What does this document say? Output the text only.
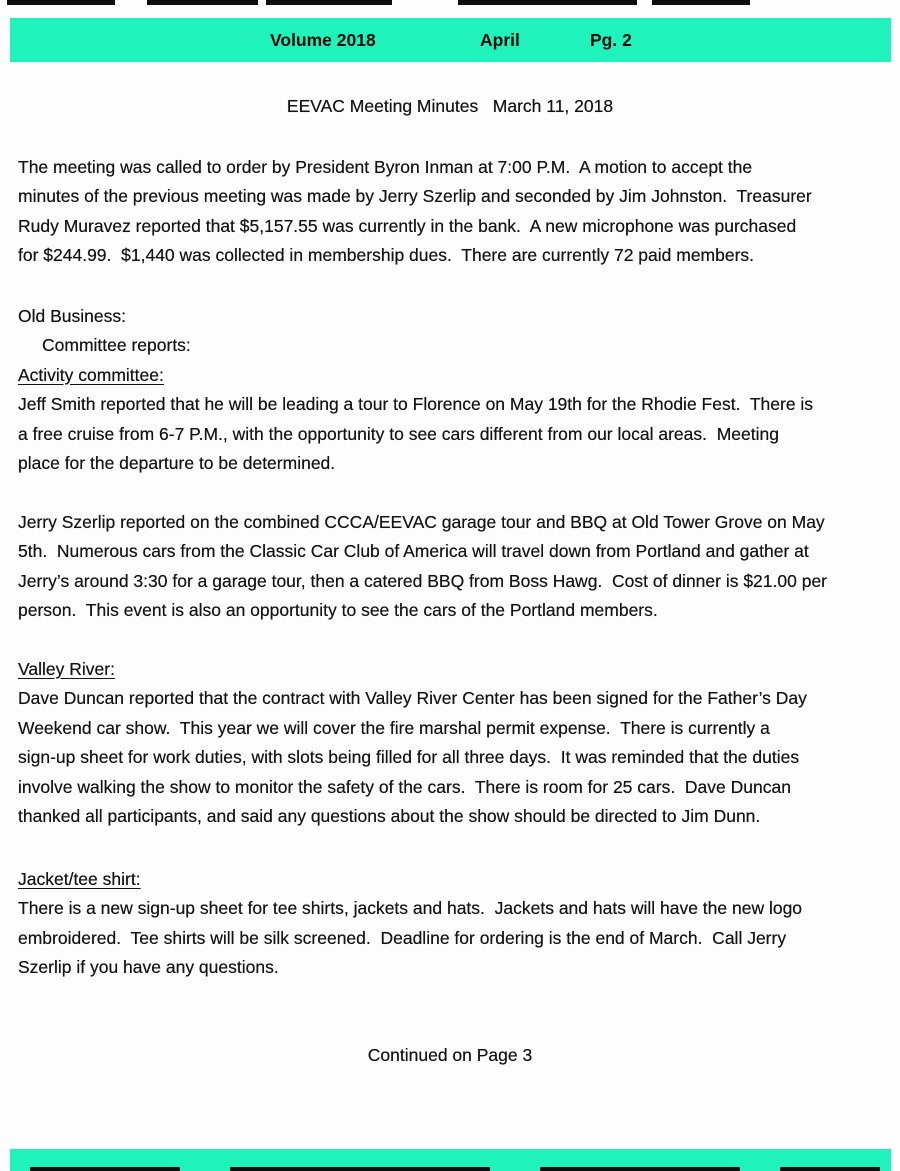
Volume 2018	April	Pg. 2
EEVAC Meeting Minutes   March 11, 2018
The meeting was called to order by President Byron Inman at 7:00 P.M.  A motion to accept the
minutes of the previous meeting was made by Jerry Szerlip and seconded by Jim Johnston.  Treasurer
Rudy Muravez reported that $5,157.55 was currently in the bank.  A new microphone was purchased
for $244.99.  $1,440 was collected in membership dues.  There are currently 72 paid members.
Old Business:
Committee reports:
Activity committee:
Jeff Smith reported that he will be leading a tour to Florence on May 19th for the Rhodie Fest.  There is
a free cruise from 6-7 P.M., with the opportunity to see cars different from our local areas.  Meeting
place for the departure to be determined.
Jerry Szerlip reported on the combined CCCA/EEVAC garage tour and BBQ at Old Tower Grove on May
5th.  Numerous cars from the Classic Car Club of America will travel down from Portland and gather at
Jerry’s around 3:30 for a garage tour, then a catered BBQ from Boss Hawg.  Cost of dinner is $21.00 per
person.  This event is also an opportunity to see the cars of the Portland members.
Valley River:
Dave Duncan reported that the contract with Valley River Center has been signed for the Father’s Day
Weekend car show.  This year we will cover the fire marshal permit expense.  There is currently a
sign-up sheet for work duties, with slots being filled for all three days.  It was reminded that the duties
involve walking the show to monitor the safety of the cars.  There is room for 25 cars.  Dave Duncan
thanked all participants, and said any questions about the show should be directed to Jim Dunn.
Jacket/tee shirt:
There is a new sign-up sheet for tee shirts, jackets and hats.  Jackets and hats will have the new logo
embroidered.  Tee shirts will be silk screened.  Deadline for ordering is the end of March.  Call Jerry
Szerlip if you have any questions.
Continued on Page 3
